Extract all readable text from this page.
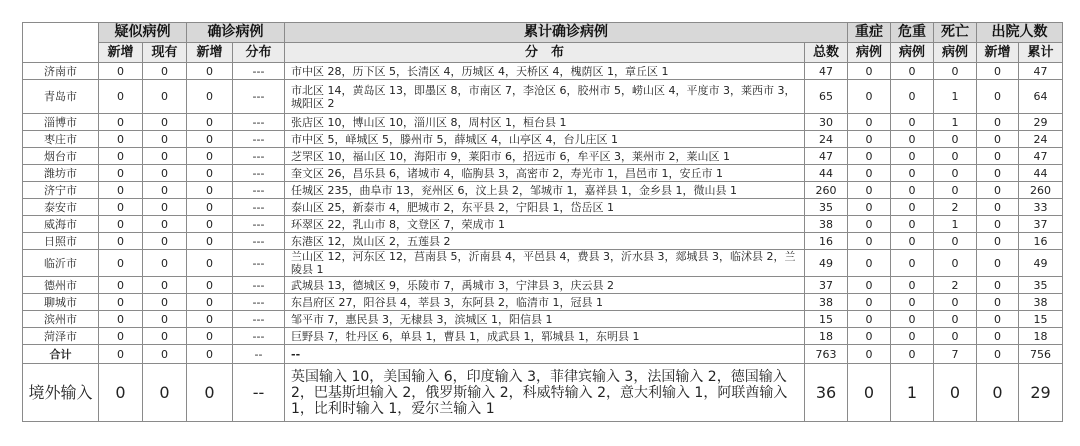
	疑似病例		确诊病例		累计确诊病例		重症	危重	死亡	出院人数	
	新增	现有	新增	分布	分　布	总数	病例	病例	病例	新增	累计
济南市	0	0	0	---	市中区 28，历下区 5，长清区 4，历城区 4，天桥区 4，槐荫区 1，章丘区 1	47	0	0	0	0	47
青岛市	0	0	0	---	市北区 14，黄岛区 13，即墨区 8，市南区 7，李沧区 6，胶州市 5，崂山区 4，平度市 3，莱西市 3，城阳区 2	65	0	0	1	0	64
淄博市	0	0	0	---	张店区 10，博山区 10，淄川区 8，周村区 1，桓台县 1	30	0	0	1	0	29
枣庄市	0	0	0	---	市中区 5，峄城区 5，滕州市 5，薛城区 4，山亭区 4，台儿庄区 1	24	0	0	0	0	24
烟台市	0	0	0	---	芝罘区 10，福山区 10，海阳市 9，莱阳市 6，招远市 6，牟平区 3，莱州市 2，莱山区 1	47	0	0	0	0	47
潍坊市	0	0	0	---	奎文区 26，昌乐县 6，诸城市 4，临朐县 3，高密市 2，寿光市 1，昌邑市 1，安丘市 1	44	0	0	0	0	44
济宁市	0	0	0	---	任城区 235，曲阜市 13，兖州区 6，汶上县 2，邹城市 1，嘉祥县 1，金乡县 1，微山县 1	260	0	0	0	0	260
泰安市	0	0	0	---	泰山区 25，新泰市 4，肥城市 2，东平县 2，宁阳县 1，岱岳区 1	35	0	0	2	0	33
威海市	0	0	0	---	环翠区 22，乳山市 8，文登区 7，荣成市 1	38	0	0	1	0	37
日照市	0	0	0	---	东港区 12，岚山区 2，五莲县 2	16	0	0	0	0	16
临沂市	0	0	0	---	兰山区 12，河东区 12，莒南县 5，沂南县 4，平邑县 4，费县 3，沂水县 3，郯城县 3，临沭县 2，兰陵县 1	49	0	0	0	0	49
德州市	0	0	0	---	武城县 13，德城区 9，乐陵市 7，禹城市 3，宁津县 3，庆云县 2	37	0	0	2	0	35
聊城市	0	0	0	---	东昌府区 27，阳谷县 4，莘县 3，东阿县 2，临清市 1，冠县 1	38	0	0	0	0	38
滨州市	0	0	0	---	邹平市 7，惠民县 3，无棣县 3，滨城区 1，阳信县 1	15	0	0	0	0	15
菏泽市	0	0	0	---	巨野县 7，牡丹区 6，单县 1，曹县 1，成武县 1，郓城县 1，东明县 1	18	0	0	0	0	18
合计	0	0	0	--	--	763	0	0	7	0	756
境外输入	0	0	0	--	英国输入 10，美国输入 6，印度输入 3，菲律宾输入 3，法国输入 2，德国输入 2，巴基斯坦输入 2，俄罗斯输入 2，科威特输入 2，意大利输入 1，阿联酋输入 1，比利时输入 1，爱尔兰输入 1	36	0	1	0	0	29
